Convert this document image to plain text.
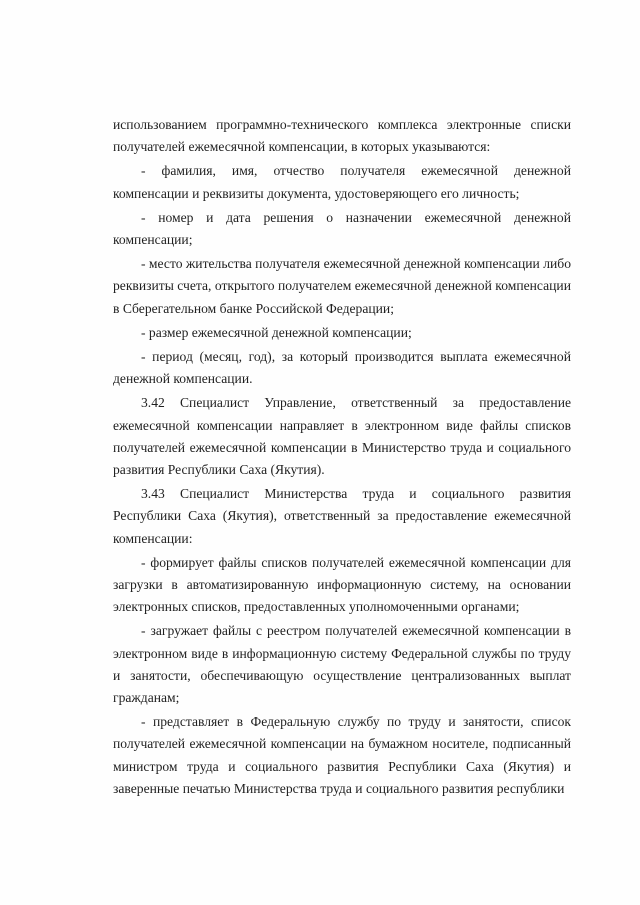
использованием программно-технического комплекса электронные списки получателей ежемесячной компенсации, в которых указываются:

- фамилия, имя, отчество получателя ежемесячной денежной компенсации и реквизиты документа, удостоверяющего его личность;

- номер и дата решения о назначении ежемесячной денежной компенсации;

- место жительства получателя ежемесячной денежной компенсации либо реквизиты счета, открытого получателем ежемесячной денежной компенсации в Сберегательном банке Российской Федерации;

- размер ежемесячной денежной компенсации;

- период (месяц, год), за который производится выплата ежемесячной денежной компенсации.

3.42 Специалист Управление, ответственный за предоставление ежемесячной компенсации направляет в электронном виде файлы списков получателей ежемесячной компенсации в Министерство труда и социального развития Республики Саха (Якутия).

3.43 Специалист Министерства труда и социального развития Республики Саха (Якутия), ответственный за предоставление ежемесячной компенсации:

- формирует файлы списков получателей ежемесячной компенсации для загрузки в автоматизированную информационную систему, на основании электронных списков, предоставленных уполномоченными органами;

- загружает файлы с реестром получателей ежемесячной компенсации в электронном виде в информационную систему Федеральной службы по труду и занятости, обеспечивающую осуществление централизованных выплат гражданам;

- представляет в Федеральную службу по труду и занятости, список получателей ежемесячной компенсации на бумажном носителе, подписанный министром труда и социального развития Республики Саха (Якутия) и заверенные печатью Министерства труда и социального развития республики
